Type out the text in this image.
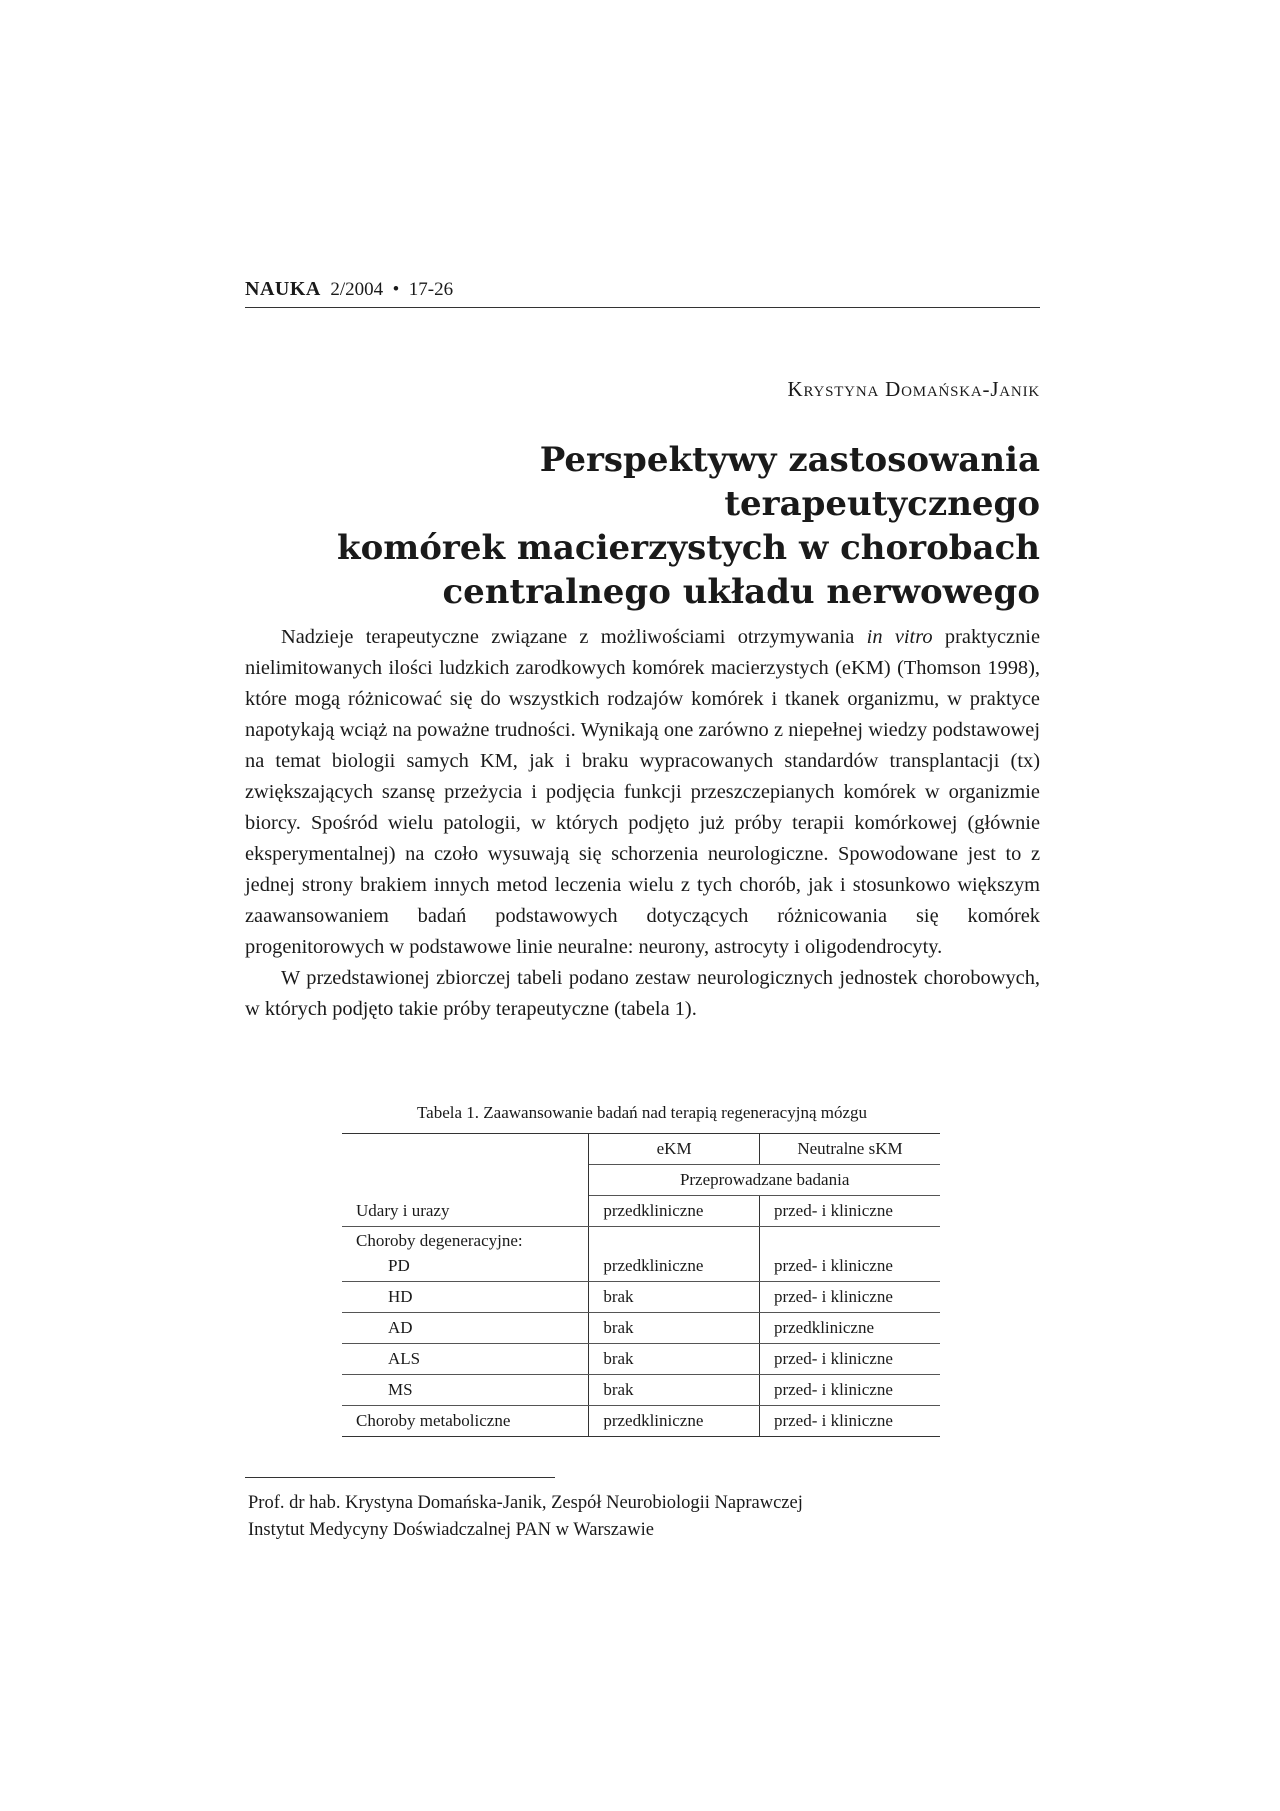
NAUKA 2/2004 • 17-26
Krystyna Domańska-Janik
Perspektywy zastosowania terapeutycznego
komórek macierzystych w chorobach
centralnego układu nerwowego

Nadzieje terapeutyczne związane z możliwościami otrzymywania in vitro praktycznie nielimitowanych ilości ludzkich zarodkowych komórek macierzystych (eKM) (Thomson 1998), które mogą różnicować się do wszystkich rodzajów komórek i tkanek organizmu, w praktyce napotykają wciąż na poważne trudności. Wynikają one zarówno z niepełnej wiedzy podstawowej na temat biologii samych KM, jak i braku wypracowanych standardów transplantacji (tx) zwiększających szansę przeżycia i podjęcia funkcji przeszczepianych komórek w organizmie biorcy. Spośród wielu patologii, w których podjęto już próby terapii komórkowej (głównie eksperymentalnej) na czoło wysuwają się schorzenia neurologiczne. Spowodowane jest to z jednej strony brakiem innych metod leczenia wielu z tych chorób, jak i stosunkowo większym zaawansowaniem badań podstawowych dotyczących różnicowania się komórek progenitorowych w podstawowe linie neuralne: neurony, astrocyty i oligodendrocyty.

W przedstawionej zbiorczej tabeli podano zestaw neurologicznych jednostek chorobowych, w których podjęto takie próby terapeutyczne (tabela 1).

Tabela 1. Zaawansowanie badań nad terapią regeneracyjną mózgu
	eKM	Neutralne sKM
	Przeprowadzane badania	
Udary i urazy	przedkliniczne	przed- i kliniczne
Choroby degeneracyjne:		
PD	przedkliniczne	przed- i kliniczne
HD	brak	przed- i kliniczne
AD	brak	przedkliniczne
ALS	brak	przed- i kliniczne
MS	brak	przed- i kliniczne
Choroby metaboliczne	przedkliniczne	przed- i kliniczne
Prof. dr hab. Krystyna Domańska-Janik, Zespół Neurobiologii Naprawczej
Instytut Medycyny Doświadczalnej PAN w Warszawie
